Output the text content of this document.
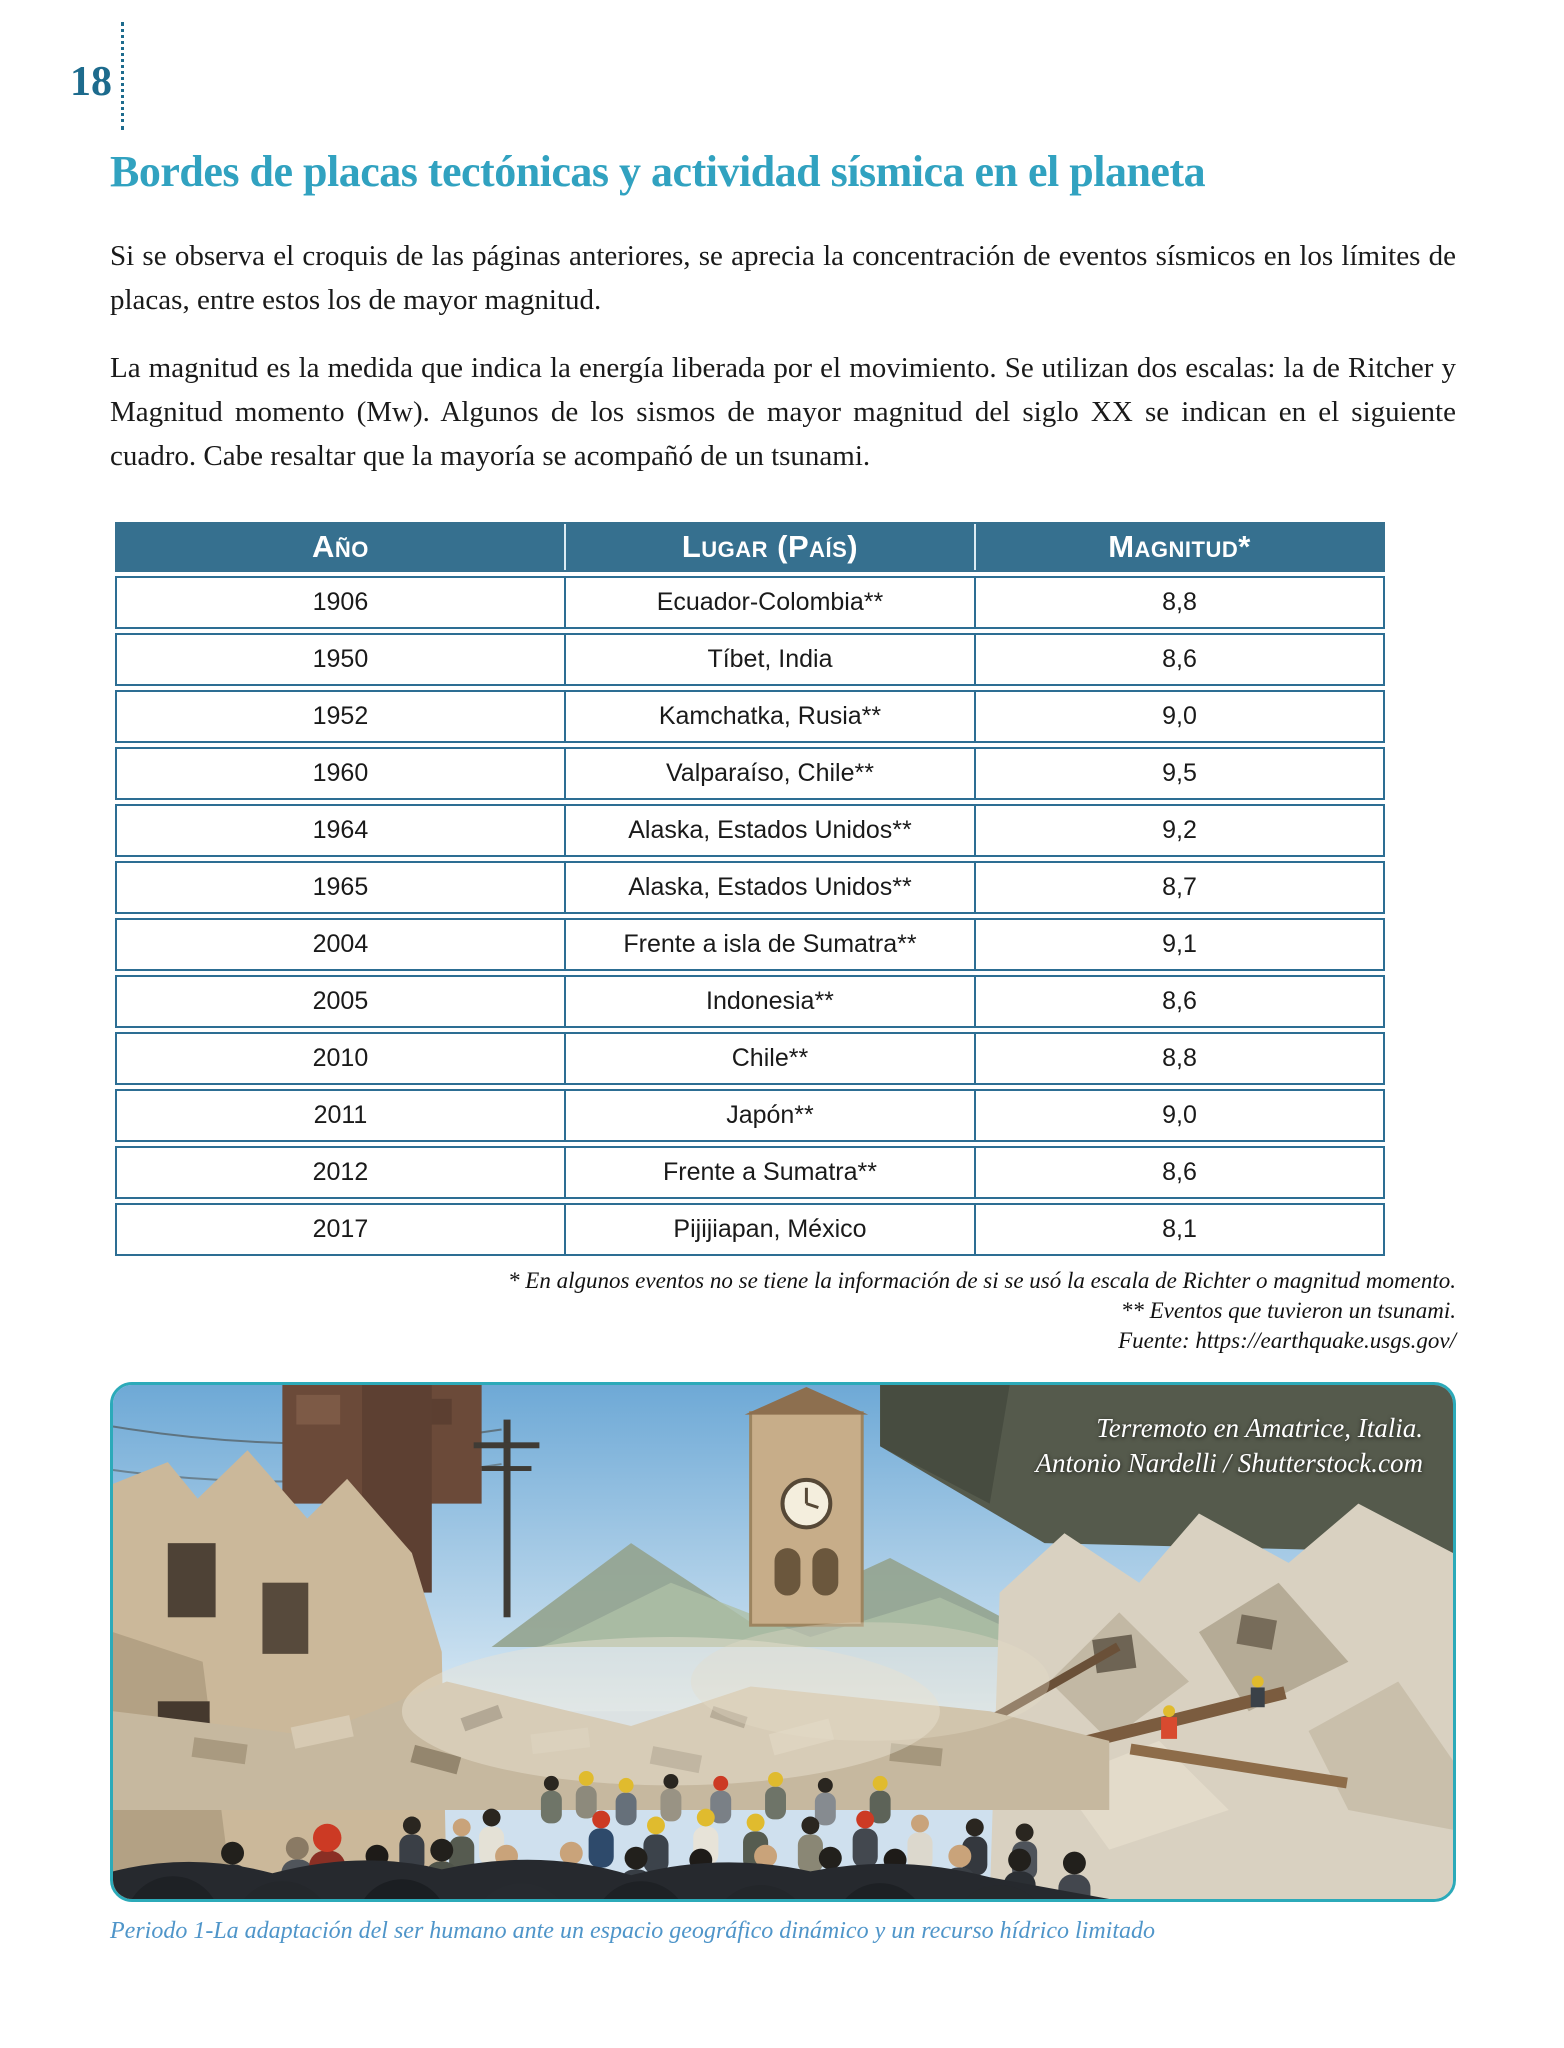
18
Bordes de placas tectónicas y actividad sísmica en el planeta

Si se observa el croquis de las páginas anteriores, se aprecia la concentración de eventos sísmicos en los límites de placas, entre estos los de mayor magnitud.

La magnitud es la medida que indica la energía liberada por el movimiento. Se utilizan dos escalas: la de Ritcher y Magnitud momento (Mw). Algunos de los sismos de mayor magnitud del siglo XX se indican en el siguiente cuadro. Cabe resaltar que la mayoría se acompañó de un tsunami.

Año	Lugar (País)	Magnitud*
1906	Ecuador-Colombia**	8,8
1950	Tíbet, India	8,6
1952	Kamchatka, Rusia**	9,0
1960	Valparaíso, Chile**	9,5
1964	Alaska, Estados Unidos**	9,2
1965	Alaska, Estados Unidos**	8,7
2004	Frente a isla de Sumatra**	9,1
2005	Indonesia**	8,6
2010	Chile**	8,8
2011	Japón**	9,0
2012	Frente a Sumatra**	8,6
2017	Pijijiapan, México	8,1
* En algunos eventos no se tiene la información de si se usó la escala de Richter o magnitud momento.
** Eventos que tuvieron un tsunami.
Fuente: https://earthquake.usgs.gov/
Terremoto en Amatrice, Italia.
Antonio Nardelli / Shutterstock.com
Periodo 1-La adaptación del ser humano ante un espacio geográfico dinámico y un recurso hídrico limitado
